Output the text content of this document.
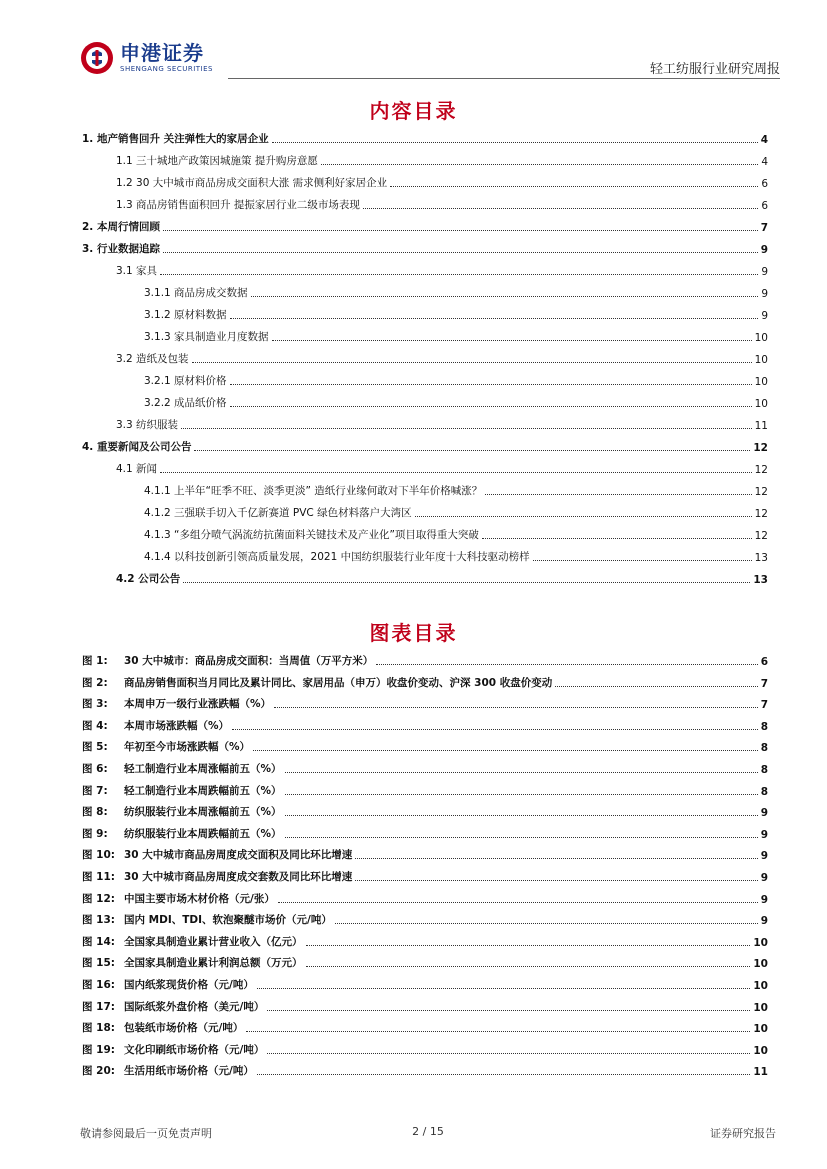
申港证券
SHENGANG SECURITIES	轻工纺服行业研究周报
内容目录
1. 地产销售回升 关注弹性大的家居企业	4
1.1 三十城地产政策因城施策 提升购房意愿	4
1.2 30 大中城市商品房成交面积大涨 需求侧利好家居企业	6
1.3 商品房销售面积回升 提振家居行业二级市场表现	6
2. 本周行情回顾	7
3. 行业数据追踪	9
3.1 家具	9
3.1.1 商品房成交数据	9
3.1.2 原材料数据	9
3.1.3 家具制造业月度数据	10
3.2 造纸及包装	10
3.2.1 原材料价格	10
3.2.2 成品纸价格	10
3.3 纺织服装	11
4. 重要新闻及公司公告	12
4.1 新闻	12
4.1.1 上半年“旺季不旺、淡季更淡” 造纸行业缘何敢对下半年价格喊涨？	12
4.1.2 三强联手切入千亿新赛道 PVC 绿色材料落户大湾区	12
4.1.3 “多组分喷气涡流纺抗菌面料关键技术及产业化”项目取得重大突破	12
4.1.4 以科技创新引领高质量发展，2021 中国纺织服装行业年度十大科技驱动榜样	13
4.2 公司公告	13
图表目录
图 1:	30 大中城市：商品房成交面积：当周值（万平方米）	6
图 2:	商品房销售面积当月同比及累计同比、家居用品（申万）收盘价变动、沪深 300 收盘价变动	7
图 3:	本周申万一级行业涨跌幅（%）	7
图 4:	本周市场涨跌幅（%）	8
图 5:	年初至今市场涨跌幅（%）	8
图 6:	轻工制造行业本周涨幅前五（%）	8
图 7:	轻工制造行业本周跌幅前五（%）	8
图 8:	纺织服装行业本周涨幅前五（%）	9
图 9:	纺织服装行业本周跌幅前五（%）	9
图 10: 30 大中城市商品房周度成交面积及同比环比增速	9
图 11: 30 大中城市商品房周度成交套数及同比环比增速	9
图 12: 中国主要市场木材价格（元/张）	9
图 13: 国内 MDI、TDI、软泡聚醚市场价（元/吨）	9
图 14: 全国家具制造业累计营业收入（亿元）	10
图 15: 全国家具制造业累计利润总额（万元）	10
图 16: 国内纸浆现货价格（元/吨）	10
图 17: 国际纸浆外盘价格（美元/吨）	10
图 18: 包装纸市场价格（元/吨）	10
图 19: 文化印刷纸市场价格（元/吨）	10
图 20: 生活用纸市场价格（元/吨）	11
敬请参阅最后一页免责声明	2 / 15	证券研究报告
